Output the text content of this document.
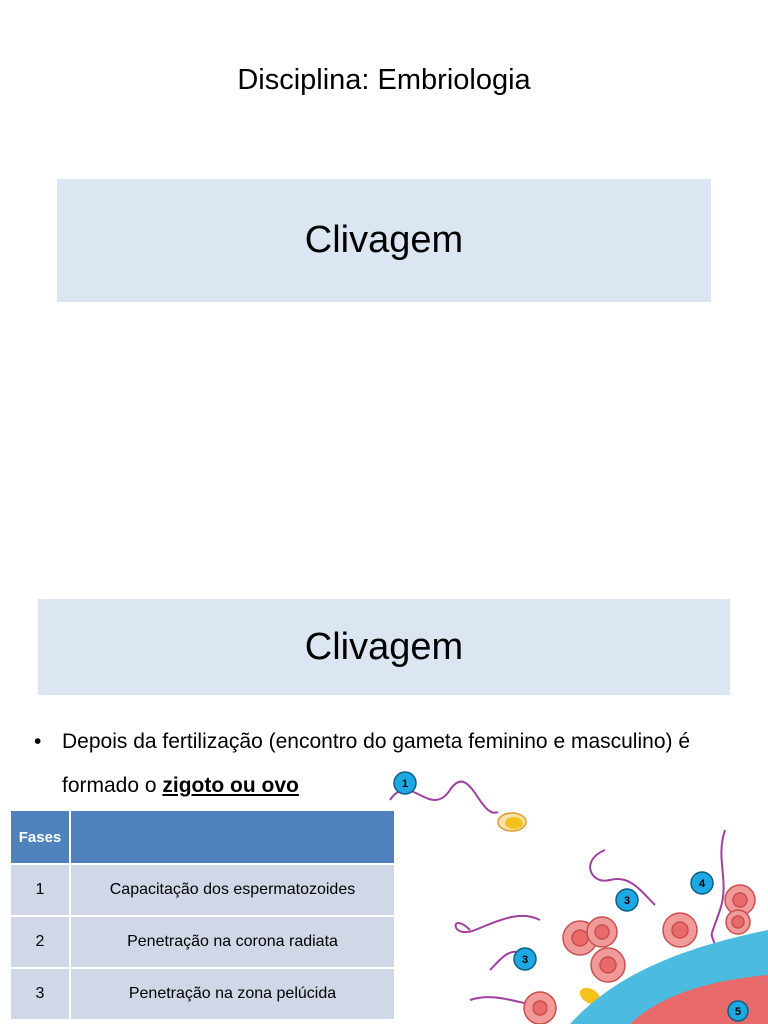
Disciplina: Embriologia
Clivagem
Clivagem
• Depois da fertilização (encontro do gameta feminino e masculino) é formado o zigoto ou ovo
Fases	
1	Capacitação dos espermatozoides
2	Penetração na corona radiata
3	Penetração na zona pelúcida
1
3
3
4
5
